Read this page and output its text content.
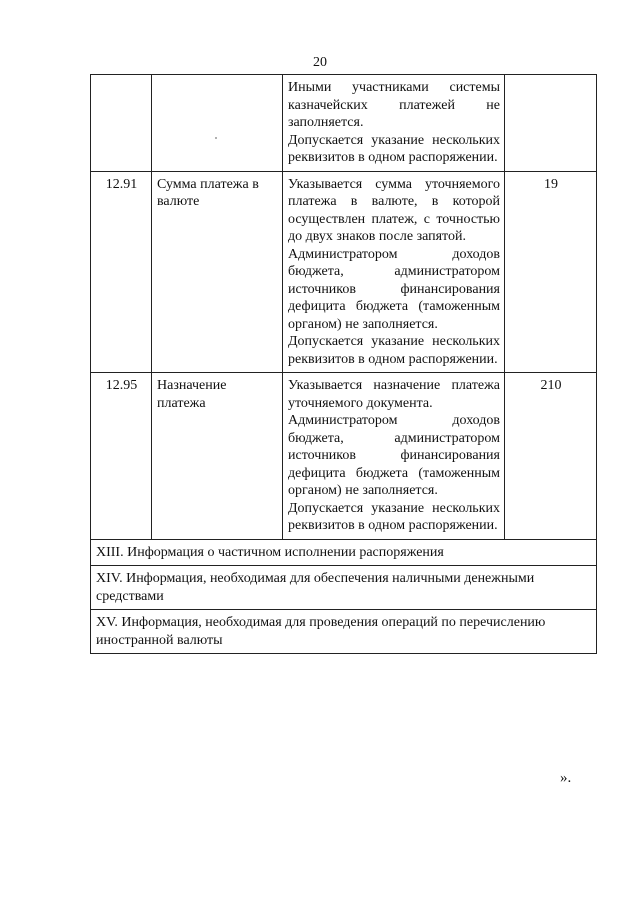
20

		Иными участниками системы казначейских платежей не заполняется.

Допускается указание нескольких реквизитов в одном распоряжении.	

12.91	Сумма платежа в валюте	Указывается сумма уточняемого платежа в валюте, в которой осуществлен платеж, с точностью до двух знаков после запятой.

Администратором доходов бюджета, администратором источников финансирования дефицита бюджета (таможенным органом) не заполняется.

Допускается указание нескольких реквизитов в одном распоряжении.	19
12.95	Назначение платежа	Указывается назначение платежа уточняемого документа.

Администратором доходов бюджета, администратором источников финансирования дефицита бюджета (таможенным органом) не заполняется.

Допускается указание нескольких реквизитов в одном распоряжении.	210
XIII. Информация о частичном исполнении распоряжения			
XIV. Информация, необходимая для обеспечения наличными денежными средствами			
XV. Информация, необходимая для проведения операций по перечислению иностранной валюты			
».
